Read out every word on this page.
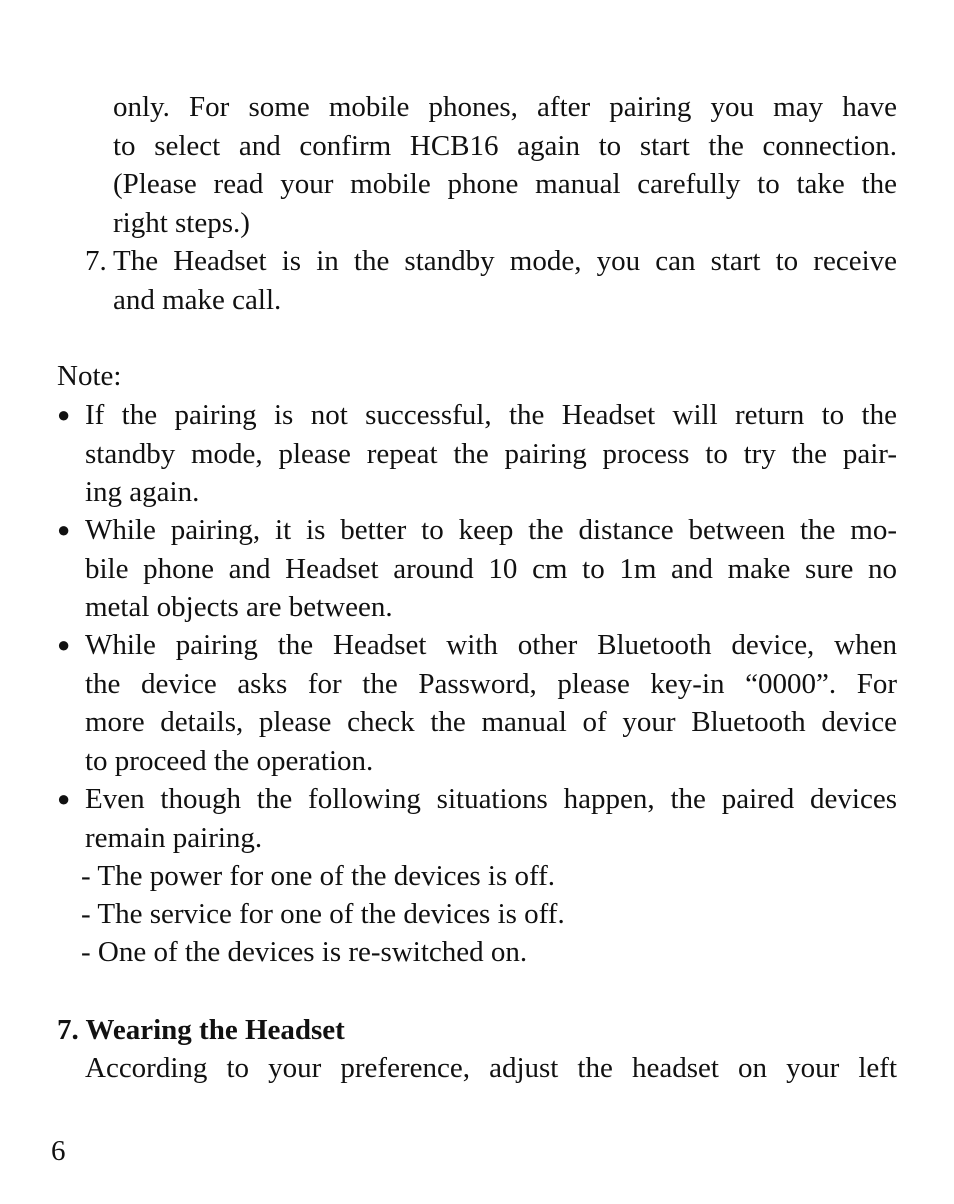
only. For some mobile phones, after pairing you may have
to select and confirm HCB16 again to start the connection.
(Please read your mobile phone manual carefully to take the
right steps.)
7. The Headset is in the standby mode, you can start to receive
and make call.
Note:
● If the pairing is not successful, the Headset will return to the
standby mode, please repeat the pairing process to try the pair-
ing again.
● While pairing, it is better to keep the distance between the mo-
bile phone and Headset around 10 cm to 1m and make sure no
metal objects are between.
● While pairing the Headset with other Bluetooth device, when
the device asks for the Password, please key-in “0000”. For
more details, please check the manual of your Bluetooth device
to proceed the operation.
● Even though the following situations happen, the paired devices
remain pairing.
- The power for one of the devices is off.
- The service for one of the devices is off.
- One of the devices is re-switched on.
7. Wearing the Headset
According to your preference, adjust the headset on your left
6
